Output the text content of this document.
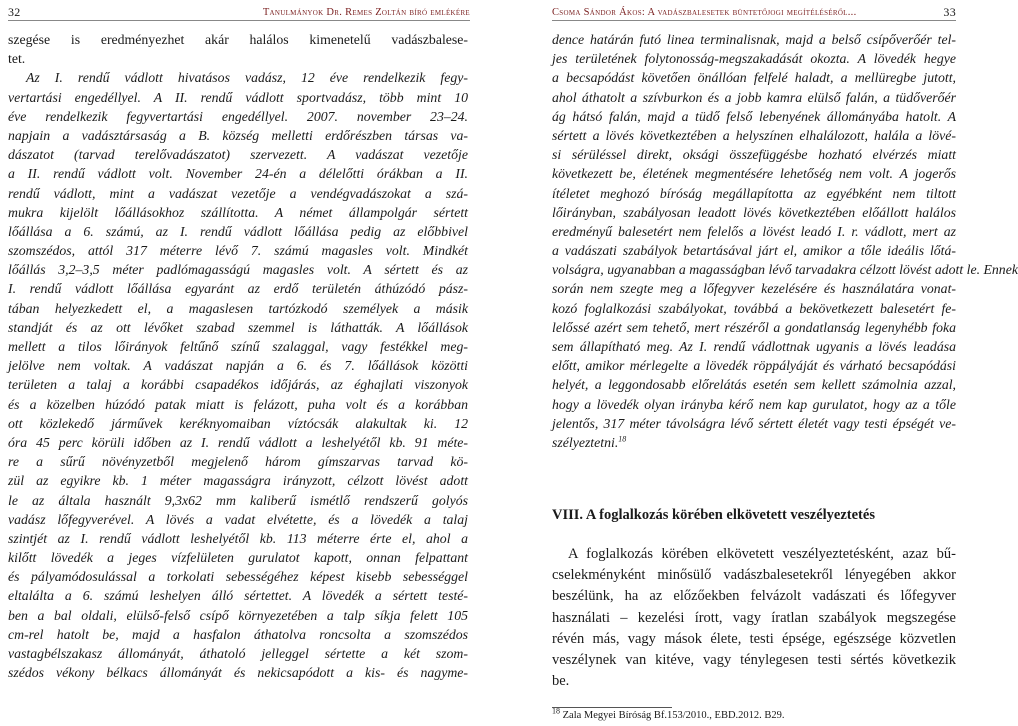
32	Tanulmányok Dr. Remes Zoltán bíró emlékére	Csoma Sándor Ákos: A vadászbalesetek büntetőjogi megítéléséről...	33
szegése is eredményezhet akár halálos kimenetelű vadászbalese-
tet.
Az I. rendű vádlott hivatásos vadász, 12 éve rendelkezik fegy-
vertartási engedéllyel. A II. rendű vádlott sportvadász, több mint 10
éve rendelkezik fegyvertartási engedéllyel. 2007. november 23–24.
napjain a vadásztársaság a B. község melletti erdőrészben társas va-
dászatot (tarvad terelővadászatot) szervezett. A vadászat vezetője
a II. rendű vádlott volt. November 24-én a délelőtti órákban a II.
rendű vádlott, mint a vadászat vezetője a vendégvadászokat a szá-
mukra kijelölt lőállásokhoz szállította. A német állampolgár sértett
lőállása a 6. számú, az I. rendű vádlott lőállása pedig az előbbivel
szomszédos, attól 317 méterre lévő 7. számú magasles volt. Mindkét
lőállás 3,2–3,5 méter padlómagasságú magasles volt. A sértett és az
I. rendű vádlott lőállása egyaránt az erdő területén áthúzódó pász-
tában helyezkedett el, a magaslesen tartózkodó személyek a másik
standját és az ott lévőket szabad szemmel is láthatták. A lőállások
mellett a tilos lőirányok feltűnő színű szalaggal, vagy festékkel meg-
jelölve nem voltak. A vadászat napján a 6. és 7. lőállások közötti
területen a talaj a korábbi csapadékos időjárás, az éghajlati viszonyok
és a közelben húzódó patak miatt is felázott, puha volt és a korábban
ott közlekedő járművek keréknyomaiban víztócsák alakultak ki. 12
óra 45 perc körüli időben az I. rendű vádlott a leshelyétől kb. 91 méte-
re a sűrű növényzetből megjelenő három gímszarvas tarvad kö-
zül az egyikre kb. 1 méter magasságra irányzott, célzott lövést adott
le az általa használt 9,3x62 mm kaliberű ismétlő rendszerű golyós
vadász lőfegyverével. A lövés a vadat elvétette, és a lövedék a talaj
szintjét az I. rendű vádlott leshelyétől kb. 113 méterre érte el, ahol a
kilőtt lövedék a jeges vízfelületen gurulatot kapott, onnan felpattant
és pályamódosulással a torkolati sebességéhez képest kisebb sebességgel
eltalálta a 6. számú leshelyen álló sértettet. A lövedék a sértett testé-
ben a bal oldali, elülső-felső csípő környezetében a talp síkja felett 105
cm-rel hatolt be, majd a hasfalon áthatolva roncsolta a szomszédos
vastagbélszakasz állományát, áthatoló jelleggel sértette a két szom-
szédos vékony bélkacs állományát és nekicsapódott a kis- és nagyme-
dence határán futó linea terminalisnak, majd a belső csípőverőér tel-
jes területének folytonosság-megszakadását okozta. A lövedék hegye
a becsapódást követően önállóan felfelé haladt, a mellüregbe jutott,
ahol áthatolt a szívburkon és a jobb kamra elülső falán, a tüdőverőér
ág hátsó falán, majd a tüdő felső lebenyének állományába hatolt. A
sértett a lövés következtében a helyszínen elhalálozott, halála a lövé-
si sérüléssel direkt, oksági összefüggésbe hozható elvérzés miatt
következett be, életének megmentésére lehetőség nem volt. A jogerős
ítéletet meghozó bíróság megállapította az egyébként nem tiltott
lőirányban, szabályosan leadott lövés következtében előállott halálos
eredményű balesetért nem felelős a lövést leadó I. r. vádlott, mert az
a vadászati szabályok betartásával járt el, amikor a tőle ideális lőtá-
volságra, ugyanabban a magasságban lévő tarvadakra célzott lövést adott le. Ennek
során nem szegte meg a lőfegyver kezelésére és használatára vonat-
kozó foglalkozási szabályokat, továbbá a bekövetkezett balesetért fe-
lelőssé azért sem tehető, mert részéről a gondatlanság legenyhébb foka
sem állapítható meg. Az I. rendű vádlottnak ugyanis a lövés leadása
előtt, amikor mérlegelte a lövedék röppályáját és várható becsapódási
helyét, a leggondosabb előrelátás esetén sem kellett számolnia azzal,
hogy a lövedék olyan irányba kérő nem kap gurulatot, hogy az a tőle
jelentős, 317 méter távolságra lévő sértett életét vagy testi épségét ve-
szélyeztetni.$^{18}$
VIII. A foglalkozás körében elkövetett veszélyeztetés
A foglalkozás körében elkövetett veszélyeztetésként, azaz bű-
cselekményként minősülő vadászbalesetekről lényegében akkor
beszélünk, ha az előzőekben felvázolt vadászati és lőfegyver
használati – kezelési írott, vagy íratlan szabályok megszegése
révén más, vagy mások élete, testi épsége, egészsége közvetlen
veszélynek van kitéve, vagy ténylegesen testi sértés következik
be.
$^{18}$ Zala Megyei Bíróság Bf.153/2010., EBD.2012. B29.
